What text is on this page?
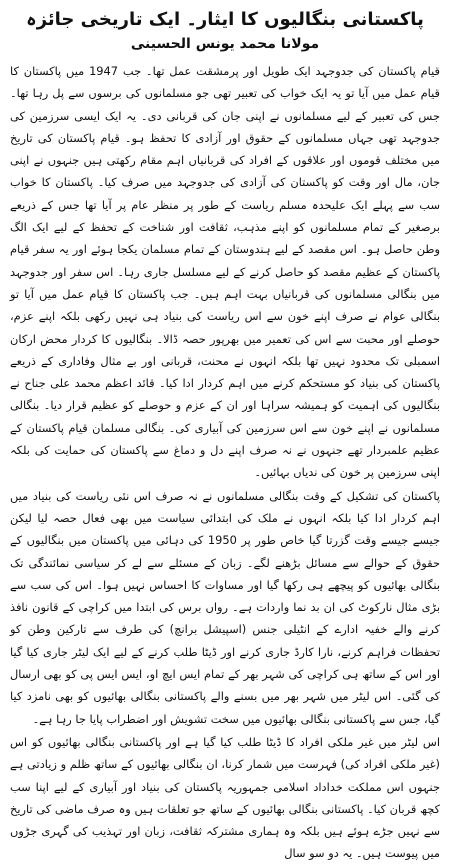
پاکستانی بنگالیوں کا ایثار۔ ایک تاریخی جائزہ
مولانا محمد یونس الحسینی

قیام پاکستان کی جدوجہد ایک طویل اور پرمشقت عمل تھا۔ جب 1947 میں پاکستان کا قیام عمل میں آیا تو یہ ایک خواب کی تعبیر تھی جو مسلمانوں کی برسوں سے پل رہا تھا۔ جس کی تعبیر کے لیے مسلمانوں نے اپنی جان کی قربانی دی۔ یہ ایک ایسی سرزمین کی جدوجہد تھی جہاں مسلمانوں کے حقوق اور آزادی کا تحفظ ہو۔ قیام پاکستان کی تاریخ میں مختلف قوموں اور علاقوں کے افراد کی قربانیاں اہم مقام رکھتی ہیں جنہوں نے اپنی جان، مال اور وقت کو پاکستان کی آزادی کی جدوجہد میں صرف کیا۔ پاکستان کا خواب سب سے پہلے ایک علیحدہ مسلم ریاست کے طور پر منظر عام پر آیا تھا جس کے ذریعے برصغیر کے تمام مسلمانوں کو اپنے مذہب، ثقافت اور شناخت کے تحفظ کے لیے ایک الگ وطن حاصل ہو۔ اس مقصد کے لیے ہندوستان کے تمام مسلمان یکجا ہوئے اور یہ سفر قیام پاکستان کے عظیم مقصد کو حاصل کرنے کے لیے مسلسل جاری رہا۔ اس سفر اور جدوجہد میں بنگالی مسلمانوں کی قربانیاں بہت اہم ہیں۔ جب پاکستان کا قیام عمل میں آیا تو بنگالی عوام نے صرف اپنے خون سے اس ریاست کی بنیاد ہی نہیں رکھی بلکہ اپنے عزم، حوصلے اور محبت سے اس کی تعمیر میں بھرپور حصہ ڈالا۔ بنگالیوں کا کردار محض ارکان اسمبلی تک محدود نہیں تھا بلکہ انہوں نے محنت، قربانی اور بے مثال وفاداری کے ذریعے پاکستان کی بنیاد کو مستحکم کرنے میں اہم کردار ادا کیا۔ قائد اعظم محمد علی جناح نے بنگالیوں کی اہمیت کو ہمیشہ سراہا اور ان کے عزم و حوصلے کو عظیم قرار دیا۔ بنگالی مسلمانوں نے اپنے خون سے اس سرزمین کی آبیاری کی۔ بنگالی مسلمان قیام پاکستان کے عظیم علمبردار تھے جنہوں نے نہ صرف اپنے دل و دماغ سے پاکستان کی حمایت کی بلکہ اپنی سرزمین پر خون کی ندیاں بہائیں۔

پاکستان کی تشکیل کے وقت بنگالی مسلمانوں نے نہ صرف اس نئی ریاست کی بنیاد میں اہم کردار ادا کیا بلکہ انہوں نے ملک کی ابتدائی سیاست میں بھی فعال حصہ لیا لیکن جیسے جیسے وقت گزرتا گیا خاص طور پر 1950 کی دہائی میں پاکستان میں بنگالیوں کے حقوق کے حوالے سے مسائل بڑھنے لگے۔ زبان کے مسئلے سے لے کر سیاسی نمائندگی تک بنگالی بھائیوں کو پیچھے ہی رکھا گیا اور مساوات کا احساس نہیں ہوا۔ اس کی سب سے بڑی مثال نارکوٹ کی ان بد نما واردات ہے۔ رواں برس کی ابتدا میں کراچی کے قانون نافذ کرنے والے خفیہ ادارے کے انٹیلی جنس (اسپیشل برانچ) کی طرف سے تارکین وطن کو تحفظات فراہم کرنے، نارا کارڈ جاری کرنے اور ڈیٹا طلب کرنے کے لیے ایک لیٹر جاری کیا گیا اور اس کے ساتھ ہی کراچی کی شہر بھر کے تمام ایس ایچ او، ایس ایس پی کو بھی ارسال کی گئی۔ اس لیٹر میں شہر بھر میں بسنے والے پاکستانی بنگالی بھائیوں کو بھی نامزد کیا گیا، جس سے پاکستانی بنگالی بھائیوں میں سخت تشویش اور اضطراب پایا جا رہا ہے۔

اس لیٹر میں غیر ملکی افراد کا ڈیٹا طلب کیا گیا ہے اور پاکستانی بنگالی بھائیوں کو اس (غیر ملکی افراد کی) فہرست میں شمار کرنا، ان بنگالی بھائیوں کے ساتھ ظلم و زیادتی ہے جنہوں اس مملکت خداداد اسلامی جمہوریہ پاکستان کی بنیاد اور آبیاری کے لیے اپنا سب کچھ قربان کیا۔ پاکستانی بنگالی بھائیوں کے ساتھ جو تعلقات ہیں وہ صرف ماضی کی تاریخ سے نہیں جڑے ہوئے ہیں بلکہ وہ ہماری مشترکہ ثقافت، زبان اور تہذیب کی گہری جڑوں میں پیوست ہیں۔ یہ دو سو سال
